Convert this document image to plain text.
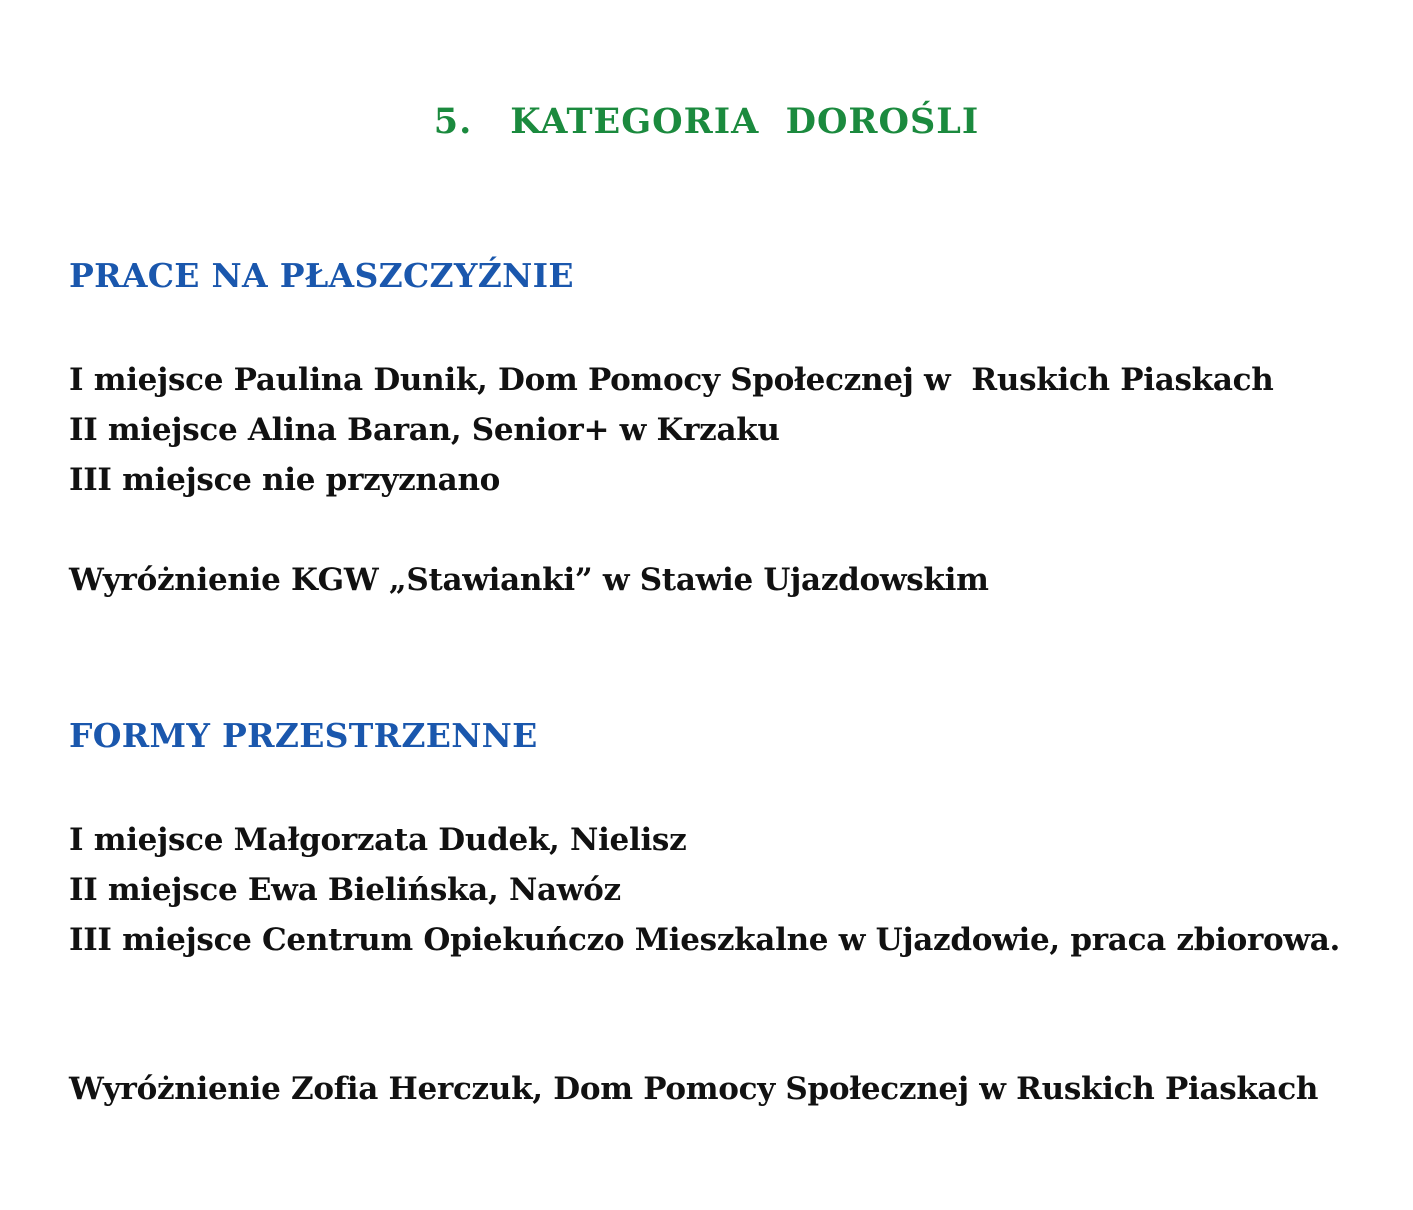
5. KATEGORIA  DOROŚLI
PRACE NA PŁASZCZYŹNIE

I miejsce Paulina Dunik, Dom Pomocy Społecznej w  Ruskich Piaskach

II miejsce Alina Baran, Senior+ w Krzaku

III miejsce nie przyznano

Wyróżnienie KGW „Stawianki” w Stawie Ujazdowskim

FORMY PRZESTRZENNE

I miejsce Małgorzata Dudek, Nielisz

II miejsce Ewa Bielińska, Nawóz

III miejsce Centrum Opiekuńczo Mieszkalne w Ujazdowie, praca zbiorowa.

Wyróżnienie Zofia Herczuk, Dom Pomocy Społecznej w Ruskich Piaskach
